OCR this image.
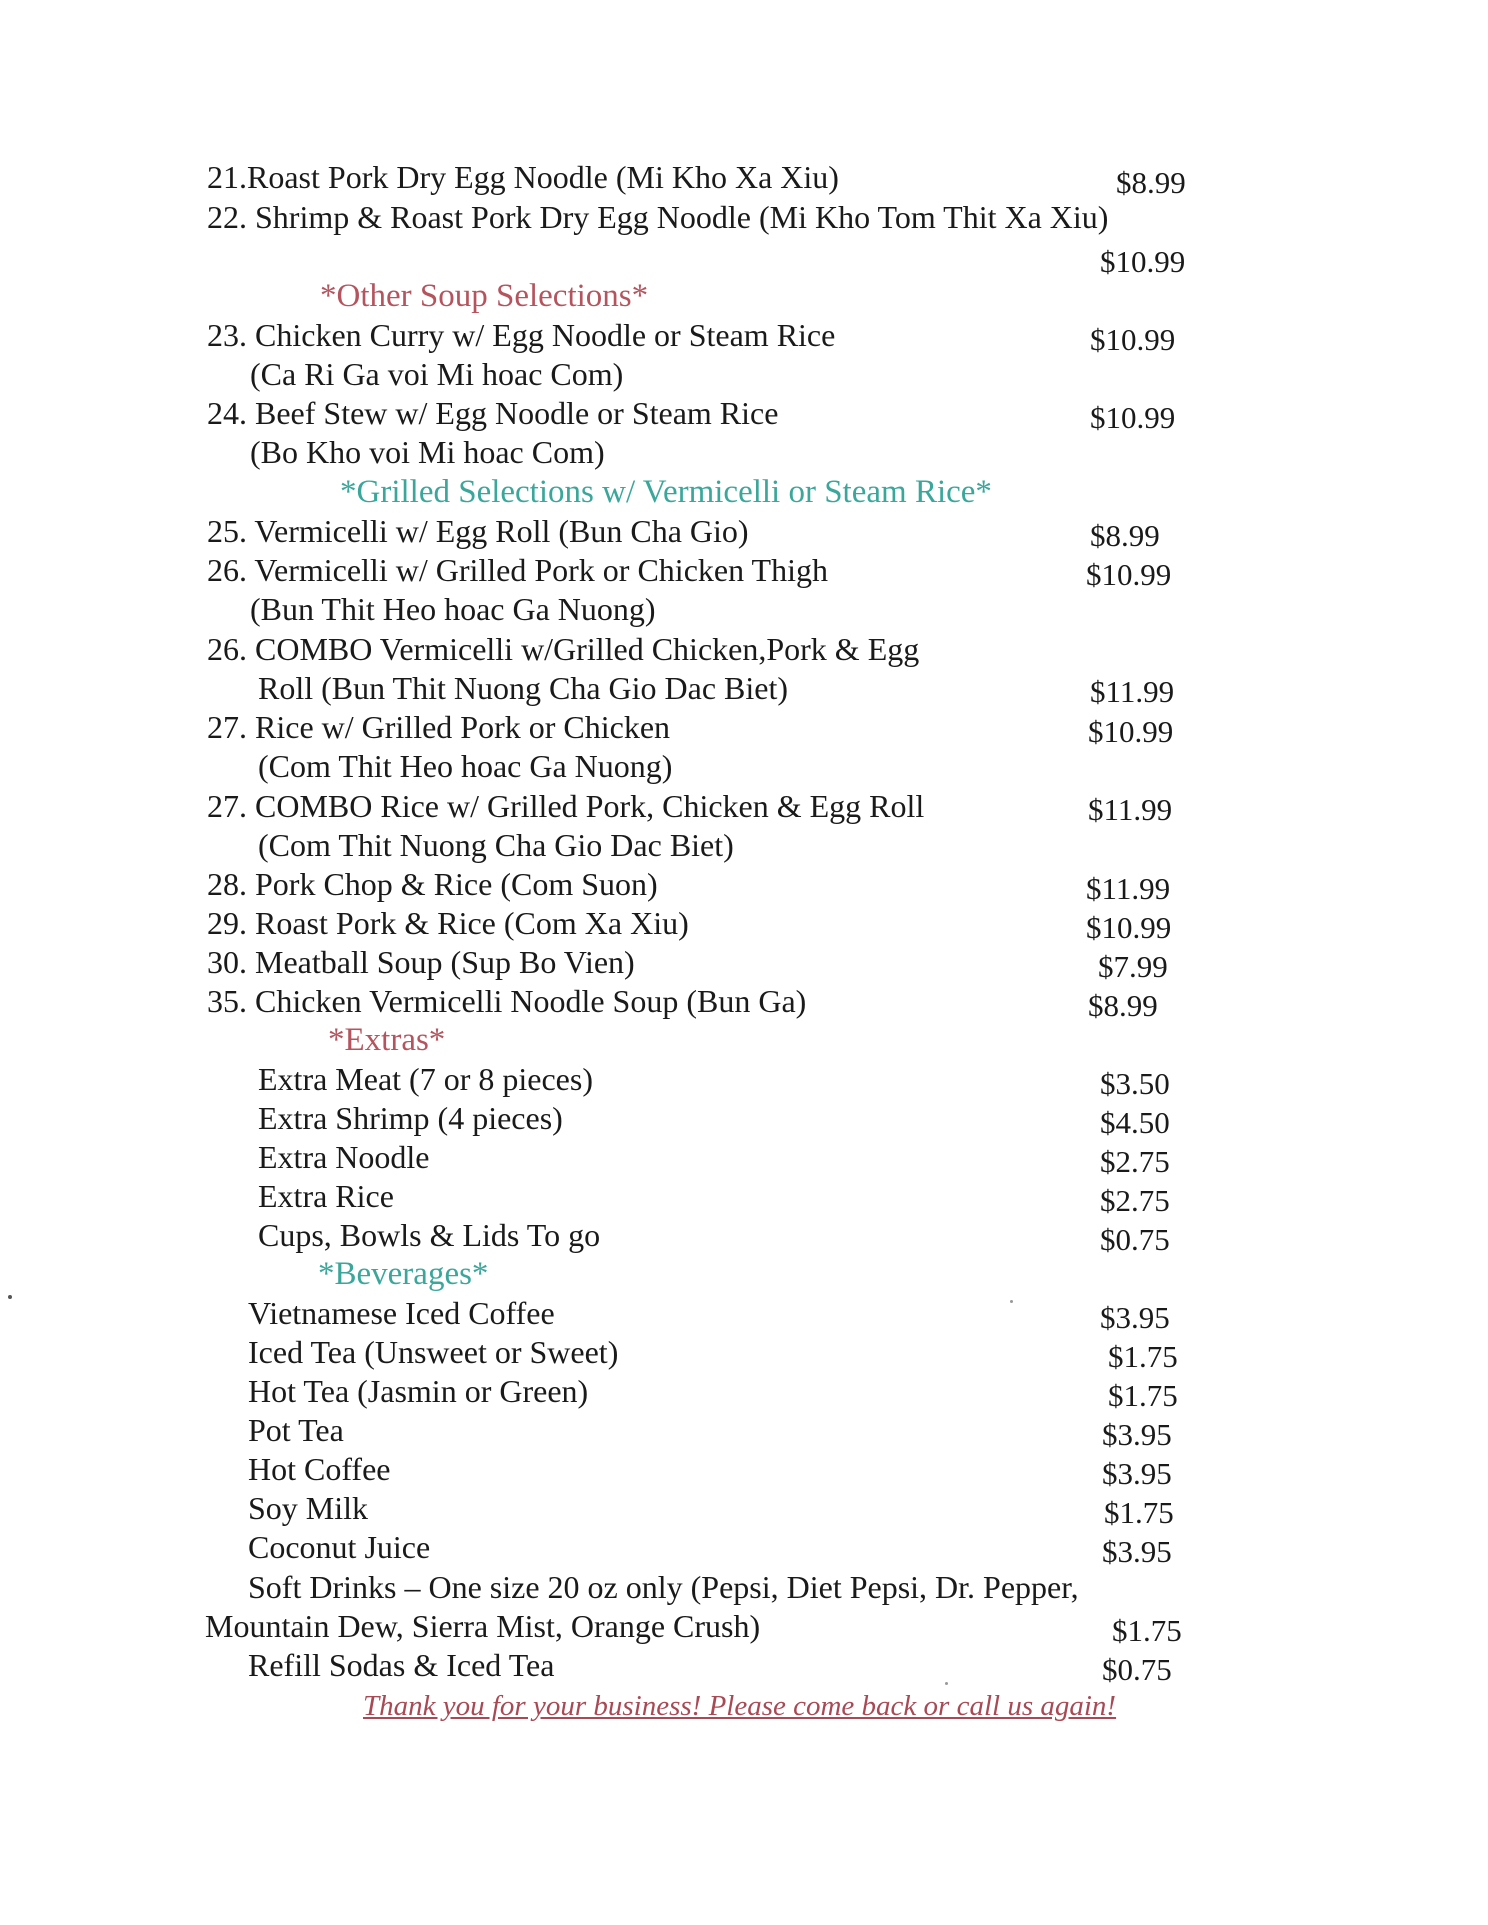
21.Roast Pork Dry Egg Noodle (Mi Kho Xa Xiu)	$8.99
22. Shrimp & Roast Pork Dry Egg Noodle (Mi Kho Tom Thit Xa Xiu)
$10.99
*Other Soup Selections*
23. Chicken Curry w/ Egg Noodle or Steam Rice	$10.99
(Ca Ri Ga voi Mi hoac Com)
24. Beef Stew w/ Egg Noodle or Steam Rice	$10.99
(Bo Kho voi Mi hoac Com)
*Grilled Selections w/ Vermicelli or Steam Rice*
25. Vermicelli w/ Egg Roll (Bun Cha Gio)	$8.99
26. Vermicelli w/ Grilled Pork or Chicken Thigh	$10.99
(Bun Thit Heo hoac Ga Nuong)
26. COMBO Vermicelli w/Grilled Chicken,Pork & Egg
Roll (Bun Thit Nuong Cha Gio Dac Biet)	$11.99
27. Rice w/ Grilled Pork or Chicken	$10.99
(Com Thit Heo hoac Ga Nuong)
27. COMBO Rice w/ Grilled Pork, Chicken & Egg Roll	$11.99
(Com Thit Nuong Cha Gio Dac Biet)
28. Pork Chop & Rice (Com Suon)	$11.99
29. Roast Pork & Rice (Com Xa Xiu)	$10.99
30. Meatball Soup (Sup Bo Vien)	$7.99
35. Chicken Vermicelli Noodle Soup (Bun Ga)	$8.99
*Extras*
Extra Meat (7 or 8 pieces)	$3.50
Extra Shrimp (4 pieces)	$4.50
Extra Noodle	$2.75
Extra Rice	$2.75
Cups, Bowls & Lids To go	$0.75
*Beverages*
Vietnamese Iced Coffee	$3.95
Iced Tea (Unsweet or Sweet)	$1.75
Hot Tea (Jasmin or Green)	$1.75
Pot Tea	$3.95
Hot Coffee	$3.95
Soy Milk	$1.75
Coconut Juice	$3.95
Soft Drinks – One size 20 oz only (Pepsi, Diet Pepsi, Dr. Pepper,
Mountain Dew, Sierra Mist, Orange Crush)	$1.75
Refill Sodas & Iced Tea	$0.75
Thank you for your business! Please come back or call us again!
